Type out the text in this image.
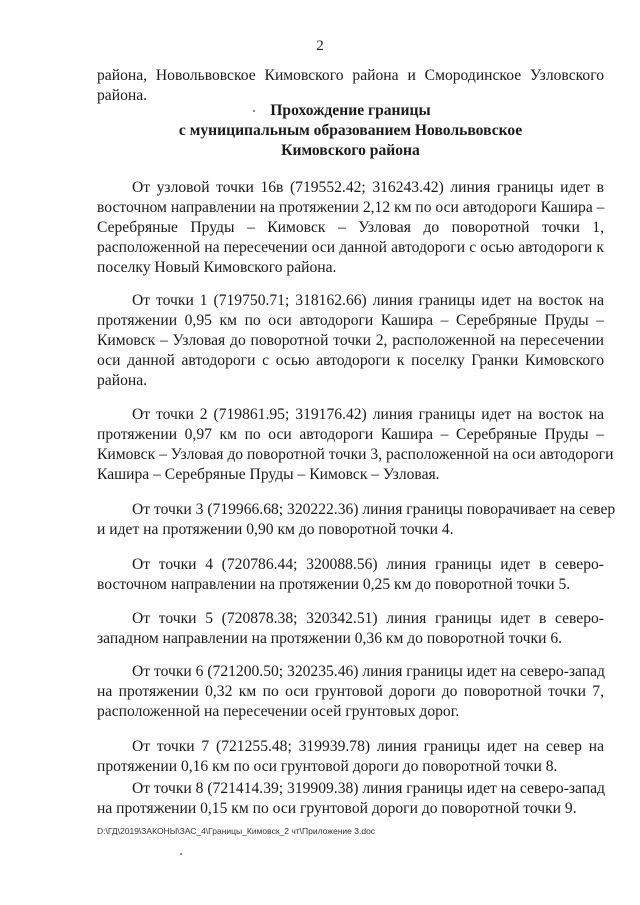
2
района, Новольвовское Кимовского района и Смородинское Узловского
района.
Прохождение границы
с муниципальным образованием Новольвовское
Кимовского района
От узловой точки 16в (719552.42; 316243.42) линия границы идет в
восточном направлении на протяжении 2,12 км по оси автодороги Кашира –
Серебряные Пруды – Кимовск – Узловая до поворотной точки 1,
расположенной на пересечении оси данной автодороги с осью автодороги к
поселку Новый Кимовского района.
От точки 1 (719750.71; 318162.66) линия границы идет на восток на
протяжении 0,95 км по оси автодороги Кашира – Серебряные Пруды –
Кимовск – Узловая до поворотной точки 2, расположенной на пересечении
оси данной автодороги с осью автодороги к поселку Гранки Кимовского
района.
От точки 2 (719861.95; 319176.42) линия границы идет на восток на
протяжении 0,97 км по оси автодороги Кашира – Серебряные Пруды –
Кимовск – Узловая до поворотной точки 3, расположенной на оси автодороги
Кашира – Серебряные Пруды – Кимовск – Узловая.
От точки 3 (719966.68; 320222.36) линия границы поворачивает на север
и идет на протяжении 0,90 км до поворотной точки 4.
От точки 4 (720786.44; 320088.56) линия границы идет в северо-
восточном направлении на протяжении 0,25 км до поворотной точки 5.
От точки 5 (720878.38; 320342.51) линия границы идет в северо-
западном направлении на протяжении 0,36 км до поворотной точки 6.
От точки 6 (721200.50; 320235.46) линия границы идет на северо-запад
на протяжении 0,32 км по оси грунтовой дороги до поворотной точки 7,
расположенной на пересечении осей грунтовых дорог.
От точки 7 (721255.48; 319939.78) линия границы идет на север на
протяжении 0,16 км по оси грунтовой дороги до поворотной точки 8.
От точки 8 (721414.39; 319909.38) линия границы идет на северо-запад
на протяжении 0,15 км по оси грунтовой дороги до поворотной точки 9.
D:\ГД\2019\ЗАКОНЫ\ЗАС_4\Границы_Кимовск_2 чт\Приложение 3.doc
